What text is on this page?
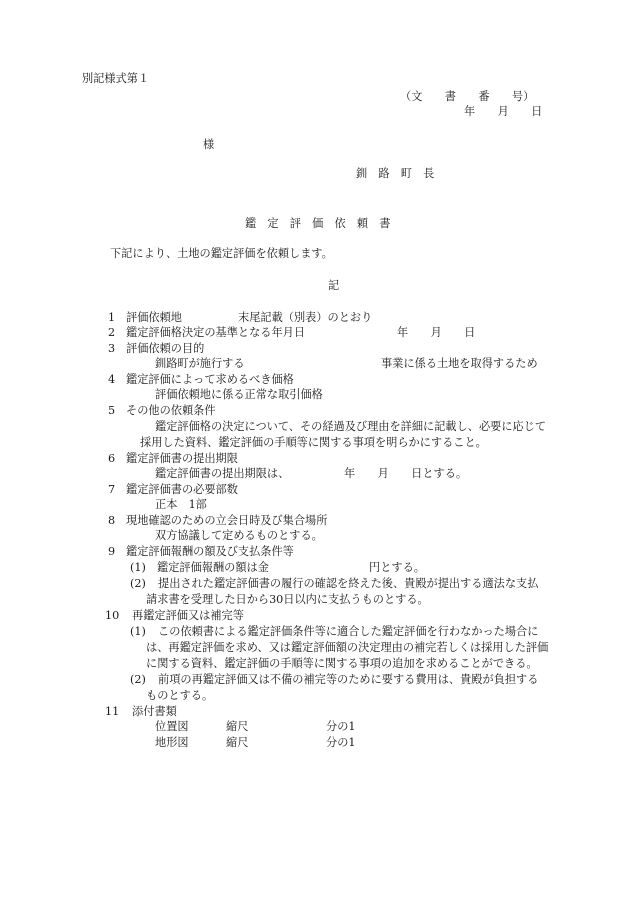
別記様式第１
（文　　書　　番　　号）
年　　月　　日
様
釧　路　町　長
鑑　定　評　価　依　頼　書
下記により、土地の鑑定評価を依頼します。
記
1 評価依頼地	末尾記載（別表）のとおり
2 鑑定評価格決定の基準となる年月日	年　　月　　日
3 評価依頼の目的
釧路町が施行する	事業に係る土地を取得するため
4 鑑定評価によって求めるべき価格
評価依頼地に係る正常な取引価格
5 その他の依頼条件
鑑定評価格の決定について、その経過及び理由を詳細に記載し、必要に応じて
採用した資料、鑑定評価の手順等に関する事項を明らかにすること。
6 鑑定評価書の提出期限
鑑定評価書の提出期限は、	年　　月　　日とする。
7 鑑定評価書の必要部数
正本　1部
8 現地確認のための立会日時及び集合場所
双方協議して定めるものとする。
9 鑑定評価報酬の額及び支払条件等
(1) 鑑定評価報酬の額は金	円とする。
(2) 提出された鑑定評価書の履行の確認を終えた後、貴殿が提出する適法な支払
請求書を受理した日から30日以内に支払うものとする。
10 再鑑定評価又は補完等
(1) この依頼書による鑑定評価条件等に適合した鑑定評価を行わなかった場合に
は、再鑑定評価を求め、又は鑑定評価額の決定理由の補完若しくは採用した評価
に関する資料、鑑定評価の手順等に関する事項の追加を求めることができる。
(2) 前項の再鑑定評価又は不備の補完等のために要する費用は、貴殿が負担する
ものとする。
11 添付書類
位置図	縮尺	分の1
地形図	縮尺	分の1
